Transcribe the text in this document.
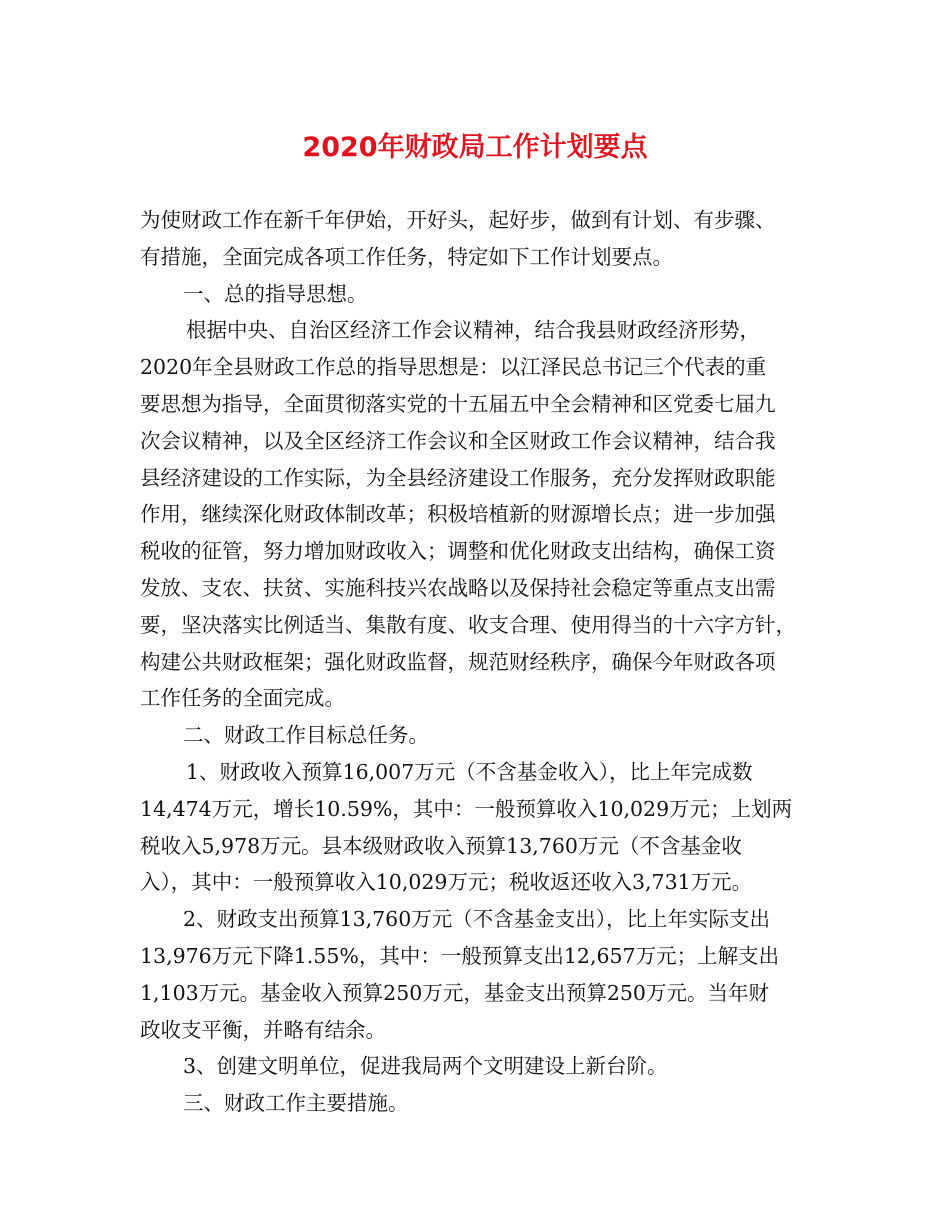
2020年财政局工作计划要点
为使财政工作在新千年伊始，开好头，起好步，做到有计划、有步骤、
有措施，全面完成各项工作任务，特定如下工作计划要点。
一、总的指导思想。
根据中央、自治区经济工作会议精神，结合我县财政经济形势，
2020年全县财政工作总的指导思想是：以江泽民总书记三个代表的重
要思想为指导，全面贯彻落实党的十五届五中全会精神和区党委七届九
次会议精神，以及全区经济工作会议和全区财政工作会议精神，结合我
县经济建设的工作实际，为全县经济建设工作服务，充分发挥财政职能
作用，继续深化财政体制改革；积极培植新的财源增长点；进一步加强
税收的征管，努力增加财政收入；调整和优化财政支出结构，确保工资
发放、支农、扶贫、实施科技兴农战略以及保持社会稳定等重点支出需
要，坚决落实比例适当、集散有度、收支合理、使用得当的十六字方针，
构建公共财政框架；强化财政监督，规范财经秩序，确保今年财政各项
工作任务的全面完成。
二、财政工作目标总任务。
1、财政收入预算16,007万元（不含基金收入），比上年完成数
14,474万元，增长10.59%，其中：一般预算收入10,029万元；上划两
税收入5,978万元。县本级财政收入预算13,760万元（不含基金收
入），其中：一般预算收入10,029万元；税收返还收入3,731万元。
2、财政支出预算13,760万元（不含基金支出），比上年实际支出
13,976万元下降1.55%，其中：一般预算支出12,657万元；上解支出
1,103万元。基金收入预算250万元，基金支出预算250万元。当年财
政收支平衡，并略有结余。
3、创建文明单位，促进我局两个文明建设上新台阶。
三、财政工作主要措施。
